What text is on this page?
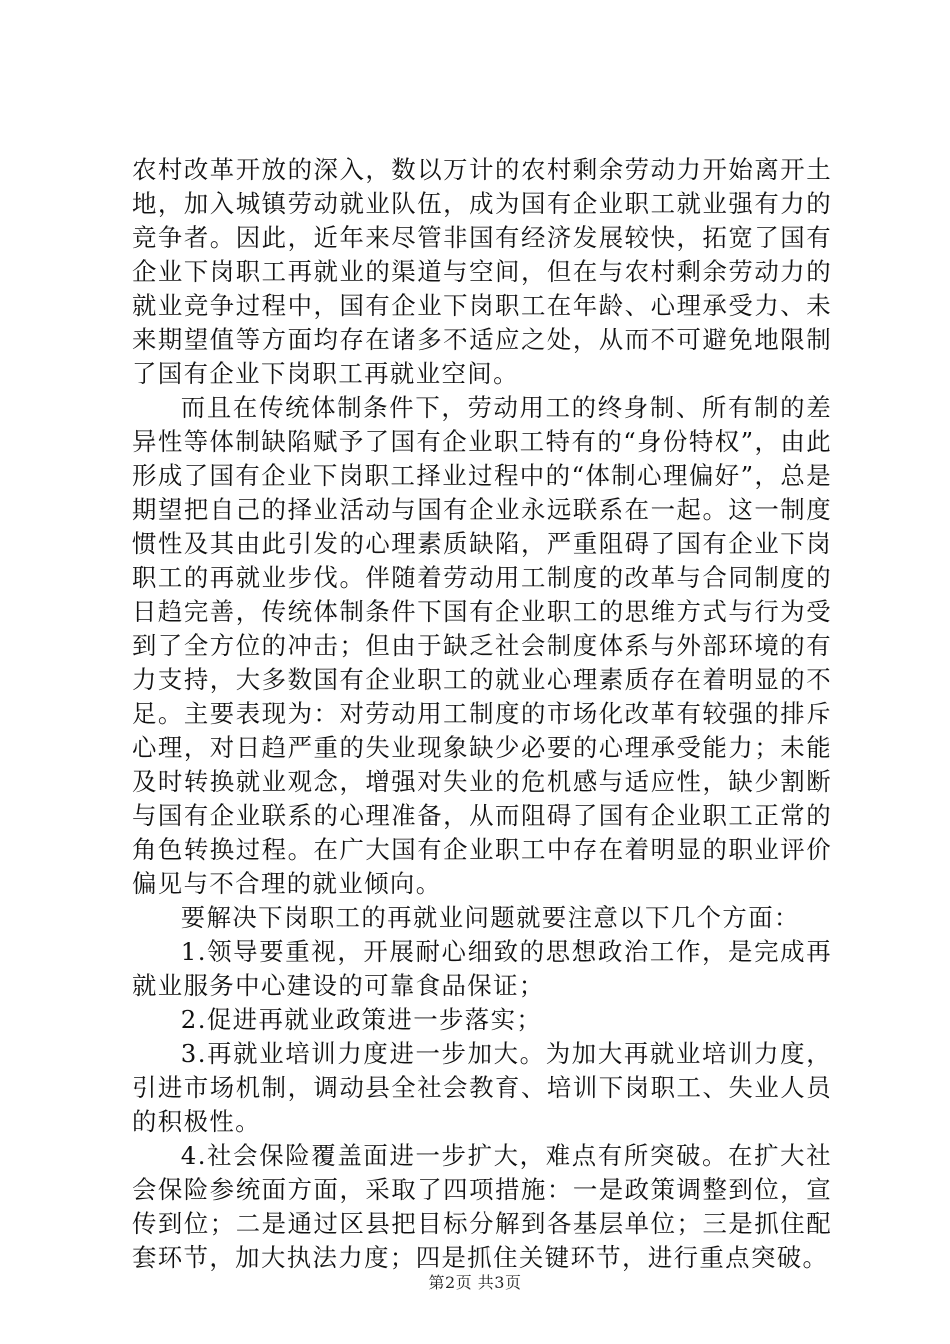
农村改革开放的深入，数以万计的农村剩余劳动力开始离开土地，加入城镇劳动就业队伍，成为国有企业职工就业强有力的竞争者。因此，近年来尽管非国有经济发展较快，拓宽了国有企业下岗职工再就业的渠道与空间，但在与农村剩余劳动力的就业竞争过程中，国有企业下岗职工在年龄、心理承受力、未来期望值等方面均存在诸多不适应之处，从而不可避免地限制了国有企业下岗职工再就业空间。

而且在传统体制条件下，劳动用工的终身制、所有制的差异性等体制缺陷赋予了国有企业职工特有的“身份特权”，由此形成了国有企业下岗职工择业过程中的“体制心理偏好”，总是期望把自己的择业活动与国有企业永远联系在一起。这一制度惯性及其由此引发的心理素质缺陷，严重阻碍了国有企业下岗职工的再就业步伐。伴随着劳动用工制度的改革与合同制度的日趋完善，传统体制条件下国有企业职工的思维方式与行为受到了全方位的冲击；但由于缺乏社会制度体系与外部环境的有力支持，大多数国有企业职工的就业心理素质存在着明显的不足。主要表现为：对劳动用工制度的市场化改革有较强的排斥心理，对日趋严重的失业现象缺少必要的心理承受能力；未能及时转换就业观念，增强对失业的危机感与适应性，缺少割断与国有企业联系的心理准备，从而阻碍了国有企业职工正常的角色转换过程。在广大国有企业职工中存在着明显的职业评价偏见与不合理的就业倾向。

要解决下岗职工的再就业问题就要注意以下几个方面：

1.领导要重视，开展耐心细致的思想政治工作，是完成再就业服务中心建设的可靠食品保证；

2.促进再就业政策进一步落实；

3.再就业培训力度进一步加大。为加大再就业培训力度，引进市场机制，调动县全社会教育、培训下岗职工、失业人员的积极性。

4.社会保险覆盖面进一步扩大，难点有所突破。在扩大社会保险参统面方面，采取了四项措施：一是政策调整到位，宣传到位；二是通过区县把目标分解到各基层单位；三是抓住配套环节，加大执法力度；四是抓住关键环节，进行重点突破。

第2页 共3页
